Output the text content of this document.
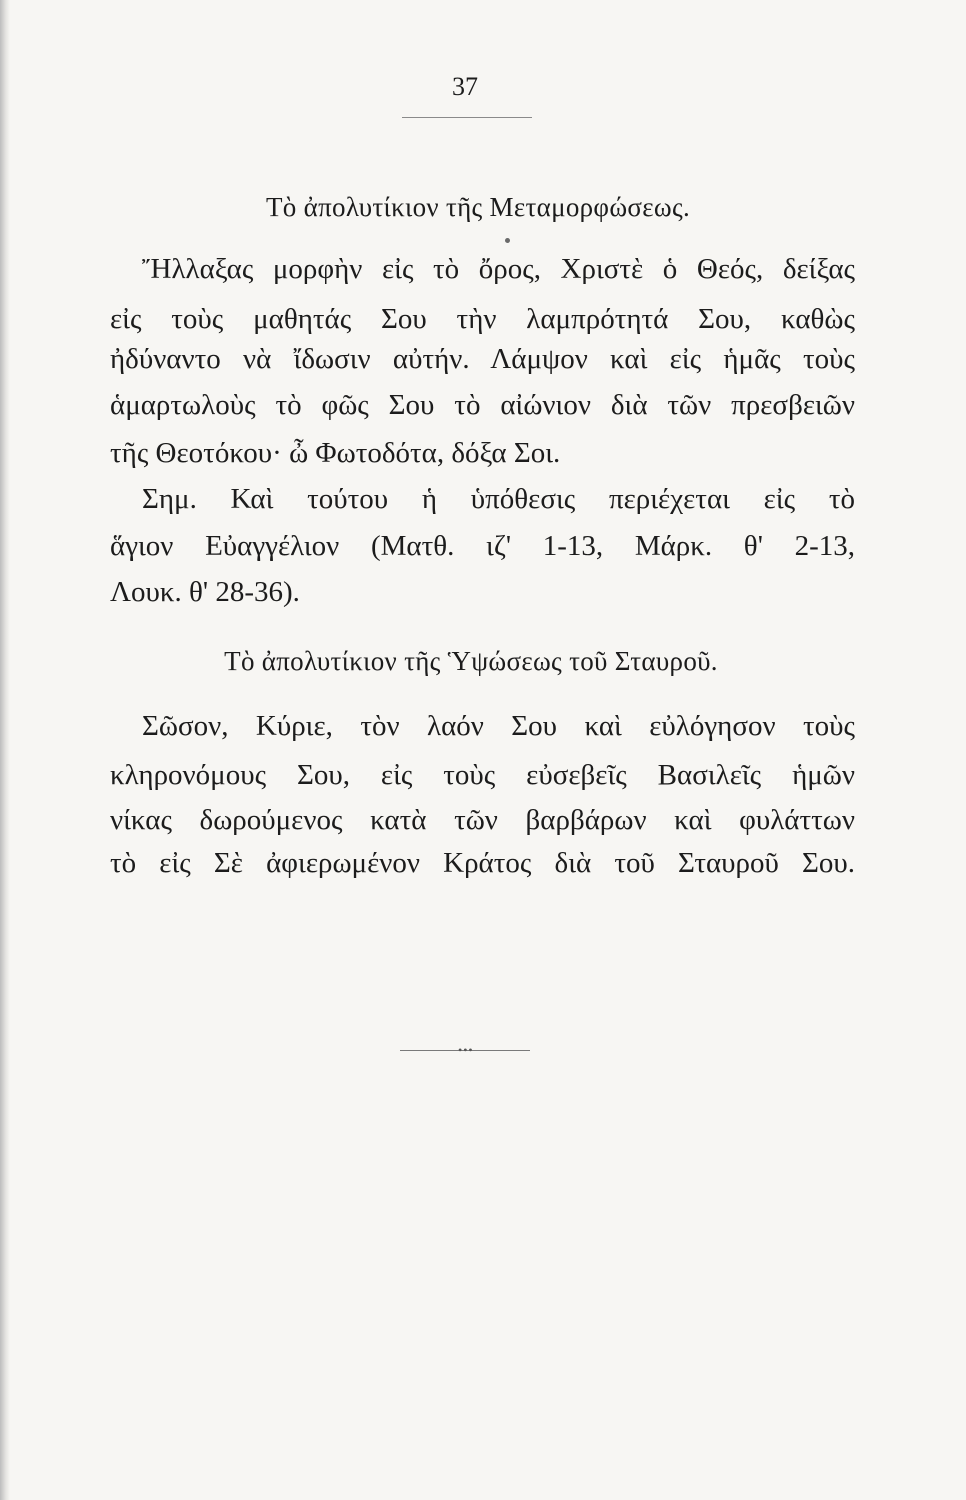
37
Τὸ ἀπολυτίκιον τῆς Μεταμορφώσεως.
Ἤλλαξας μορφὴν εἰς τὸ ὄρος, Χριστὲ ὁ Θεός, δείξας
εἰς τοὺς μαθητάς Σου τὴν λαμπρότητά Σου, καθὼς
ἠδύναντο νὰ ἴδωσιν αὐτήν. Λάμψον καὶ εἰς ἡμᾶς τοὺς
ἁμαρτωλοὺς τὸ φῶς Σου τὸ αἰώνιον διὰ τῶν πρεσβειῶν
τῆς Θεοτόκου· ὦ Φωτοδότα, δόξα Σοι.
Σημ. Καὶ τούτου ἡ ὑπόθεσις περιέχεται εἰς τὸ
ἅγιον Εὐαγγέλιον (Ματθ. ιζ' 1-13, Μάρκ. θ' 2-13,
Λουκ. θ' 28-36).
Τὸ ἀπολυτίκιον τῆς Ὑψώσεως τοῦ Σταυροῦ.
Σῶσον, Κύριε, τὸν λαόν Σου καὶ εὐλόγησον τοὺς
κληρονόμους Σου, εἰς τοὺς εὐσεβεῖς Βασιλεῖς ἡμῶν
νίκας δωρούμενος κατὰ τῶν βαρβάρων καὶ φυλάττων
τὸ εἰς Σὲ ἀφιερωμένον Κράτος διὰ τοῦ Σταυροῦ Σου.
•••
